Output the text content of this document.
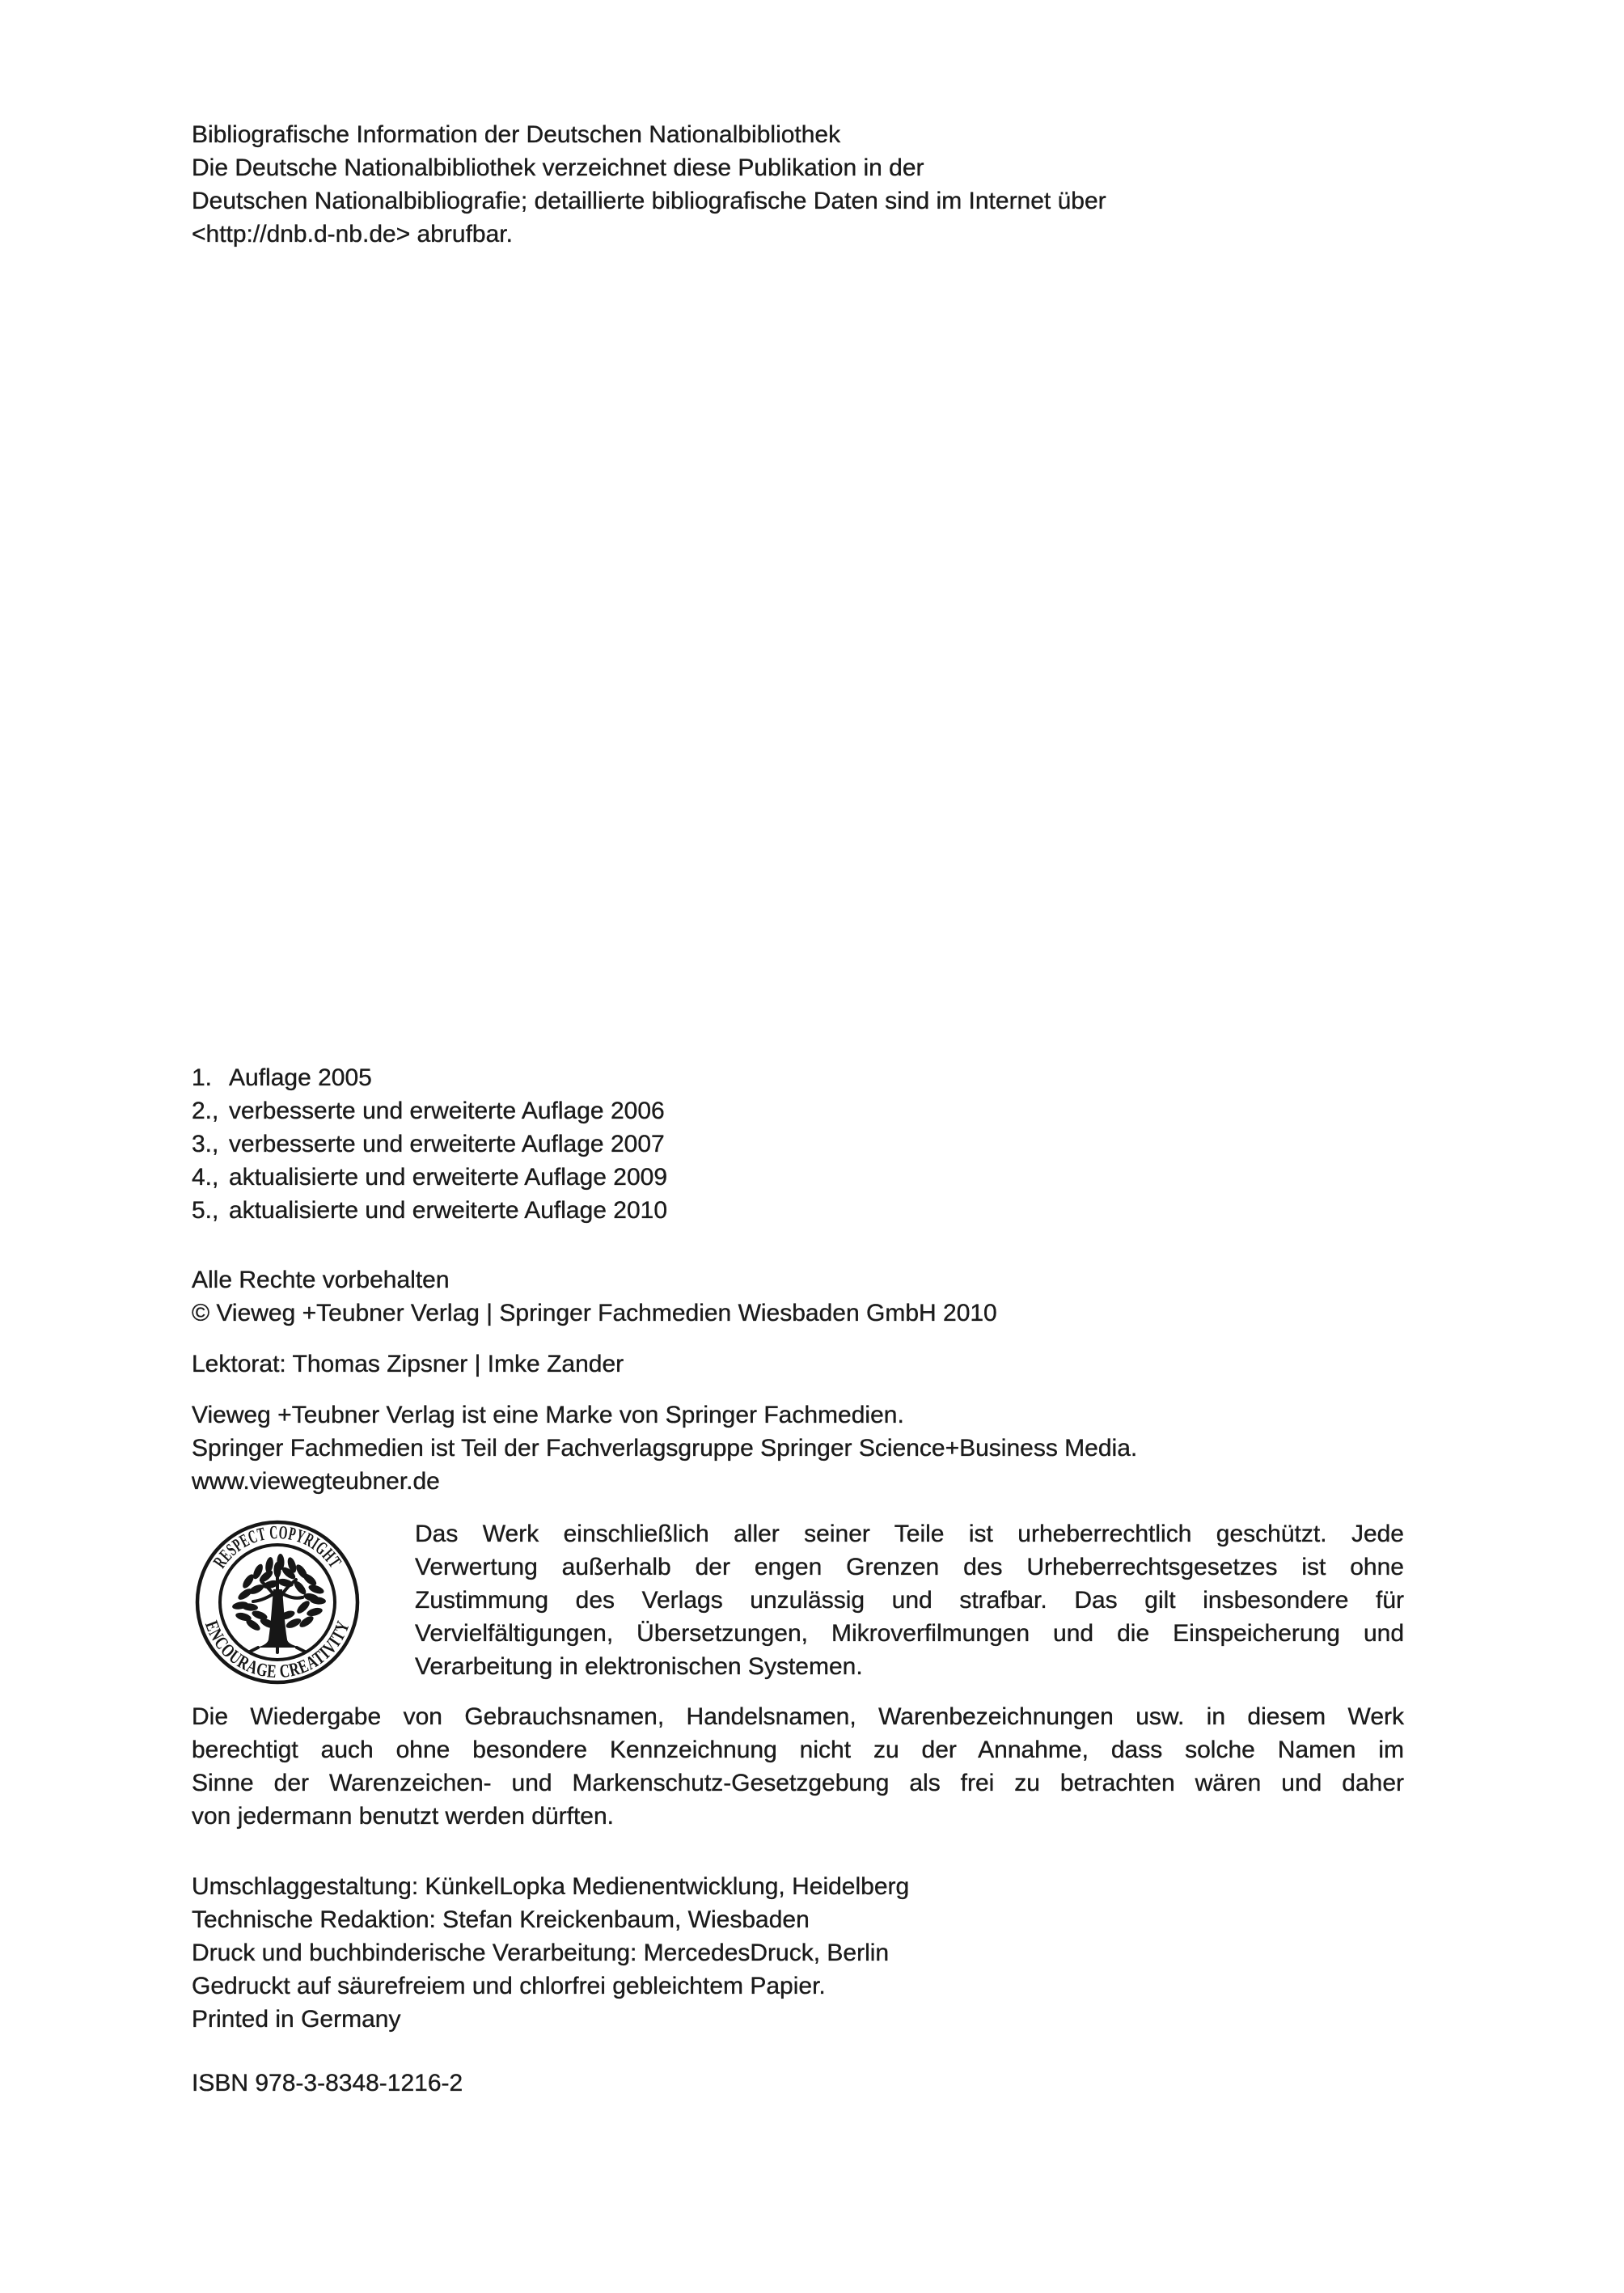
Bibliografische Information der Deutschen Nationalbibliothek
Die Deutsche Nationalbibliothek verzeichnet diese Publikation in der
Deutschen Nationalbibliografie; detaillierte bibliografische Daten sind im Internet über
<http://dnb.d-nb.de> abrufbar.
1. Auflage 2005
2., verbesserte und erweiterte Auflage 2006
3., verbesserte und erweiterte Auflage 2007
4., aktualisierte und erweiterte Auflage 2009
5., aktualisierte und erweiterte Auflage 2010
Alle Rechte vorbehalten
© Vieweg +Teubner Verlag | Springer Fachmedien Wiesbaden GmbH 2010
Lektorat: Thomas Zipsner | Imke Zander
Vieweg +Teubner Verlag ist eine Marke von Springer Fachmedien.
Springer Fachmedien ist Teil der Fachverlagsgruppe Springer Science+Business Media.
www.viewegteubner.de
RESPECT COPYRIGHT
ENCOURAGE CREATIVITY
Das Werk einschließlich aller seiner Teile ist urheberrechtlich geschützt. Jede
Verwertung außerhalb der engen Grenzen des Urheberrechtsgesetzes ist ohne
Zustimmung des Verlags unzulässig und strafbar. Das gilt insbesondere für
Vervielfältigungen, Übersetzungen, Mikroverfilmungen und die Einspeicherung und
Verarbeitung in elektronischen Systemen.
Die Wiedergabe von Gebrauchsnamen, Handelsnamen, Warenbezeichnungen usw. in diesem Werk
berechtigt auch ohne besondere Kennzeichnung nicht zu der Annahme, dass solche Namen im
Sinne der Warenzeichen- und Markenschutz-Gesetzgebung als frei zu betrachten wären und daher
von jedermann benutzt werden dürften.
Umschlaggestaltung: KünkelLopka Medienentwicklung, Heidelberg
Technische Redaktion: Stefan Kreickenbaum, Wiesbaden
Druck und buchbinderische Verarbeitung: MercedesDruck, Berlin
Gedruckt auf säurefreiem und chlorfrei gebleichtem Papier.
Printed in Germany
ISBN 978-3-8348-1216-2
